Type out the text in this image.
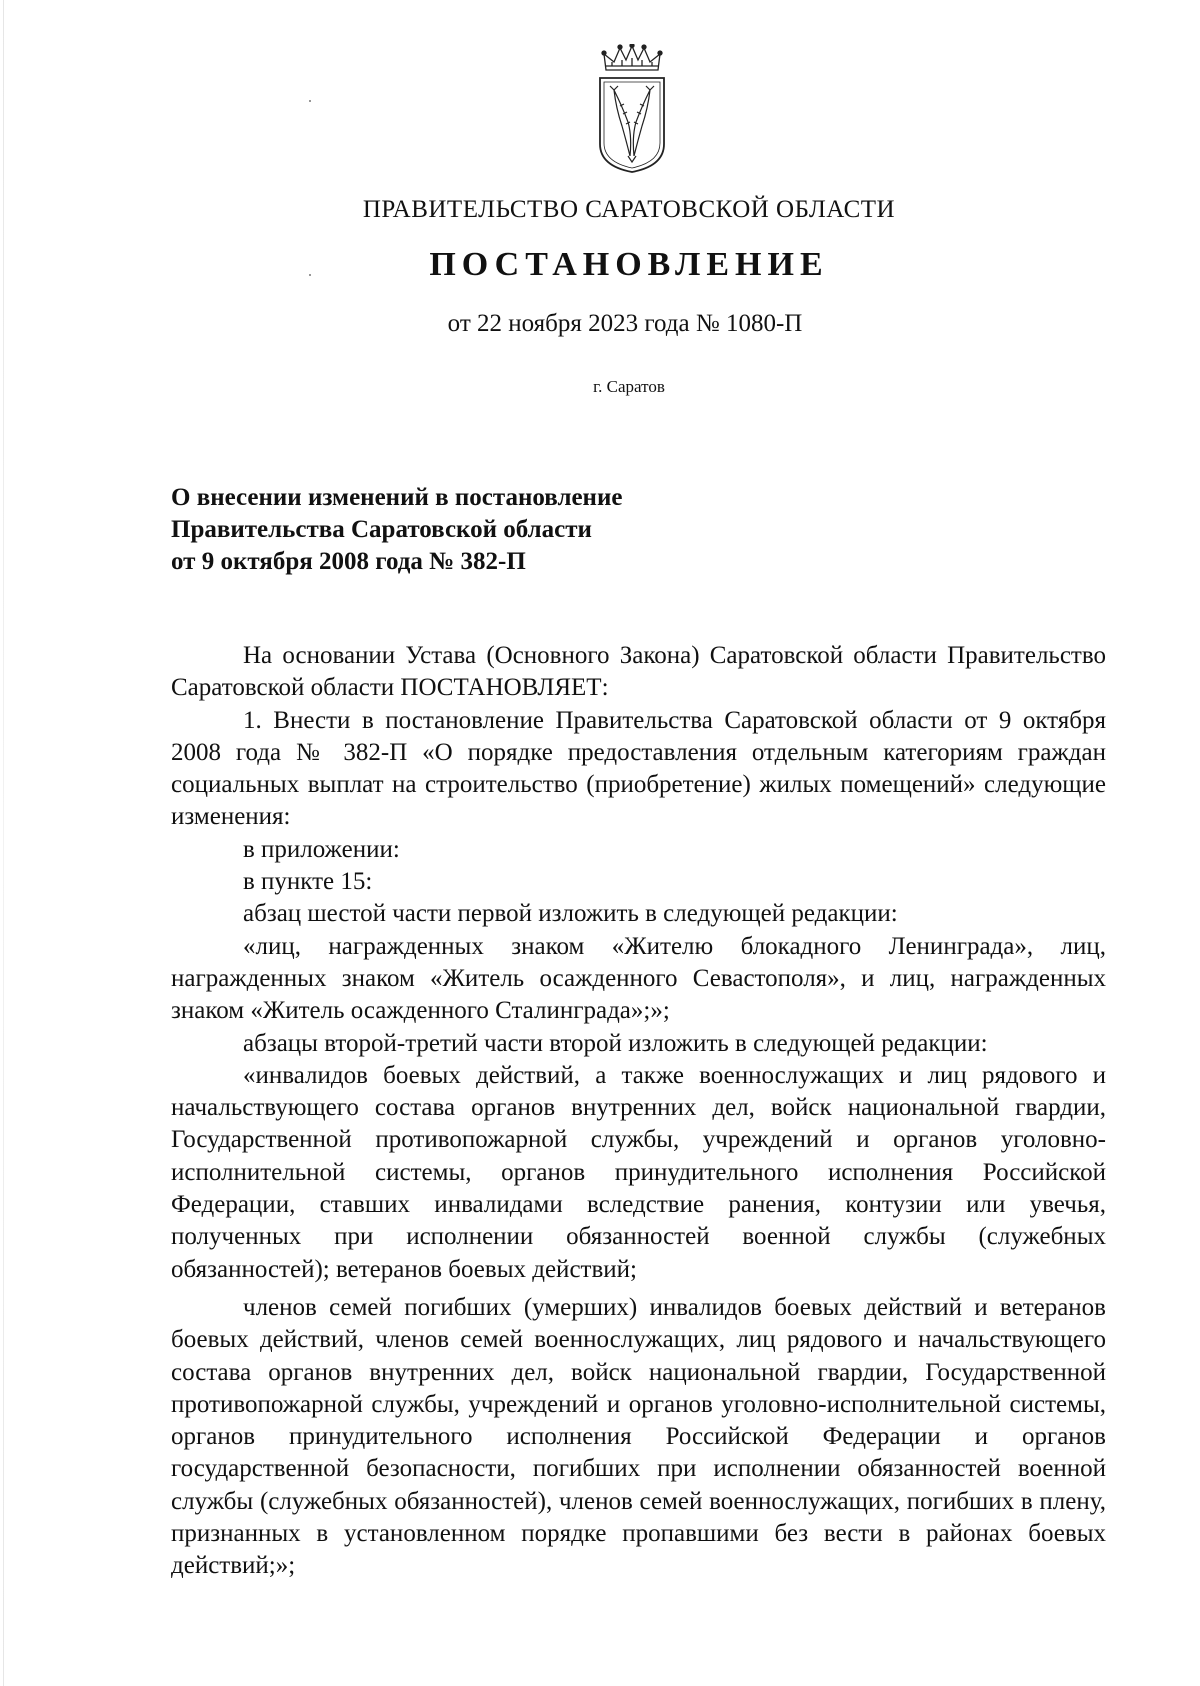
ПРАВИТЕЛЬСТВО САРАТОВСКОЙ ОБЛАСТИ
ПОСТАНОВЛЕНИЕ
от 22 ноября 2023 года № 1080-П
г. Саратов
О внесении изменений в постановление
Правительства Саратовской области
от 9 октября 2008 года № 382-П

На основании Устава (Основного Закона) Саратовской области Правительство Саратовской области ПОСТАНОВЛЯЕТ:

1. Внести в постановление Правительства Саратовской области от 9 октября 2008 года № 382-П «О порядке предоставления отдельным категориям граждан социальных выплат на строительство (приобретение) жилых помещений» следующие изменения:

в приложении:

в пункте 15:

абзац шестой части первой изложить в следующей редакции:

«лиц, награжденных знаком «Жителю блокадного Ленинграда», лиц, награжденных знаком «Житель осажденного Севастополя», и лиц, награжденных знаком «Житель осажденного Сталинграда»;»;

абзацы второй-третий части второй изложить в следующей редакции:

«инвалидов боевых действий, а также военнослужащих и лиц рядового и начальствующего состава органов внутренних дел, войск национальной гвардии, Государственной противопожарной службы, учреждений и органов уголовно-исполнительной системы, органов принудительного исполнения Российской Федерации, ставших инвалидами вследствие ранения, контузии или увечья, полученных при исполнении обязанностей военной службы (служебных обязанностей); ветеранов боевых действий;

членов семей погибших (умерших) инвалидов боевых действий и ветеранов боевых действий, членов семей военнослужащих, лиц рядового и начальствующего состава органов внутренних дел, войск национальной гвардии, Государственной противопожарной службы, учреждений и органов уголовно-исполнительной системы, органов принудительного исполнения Российской Федерации и органов государственной безопасности, погибших при исполнении обязанностей военной службы (служебных обязанностей), членов семей военнослужащих, погибших в плену, признанных в установленном порядке пропавшими без вести в районах боевых действий;»;
